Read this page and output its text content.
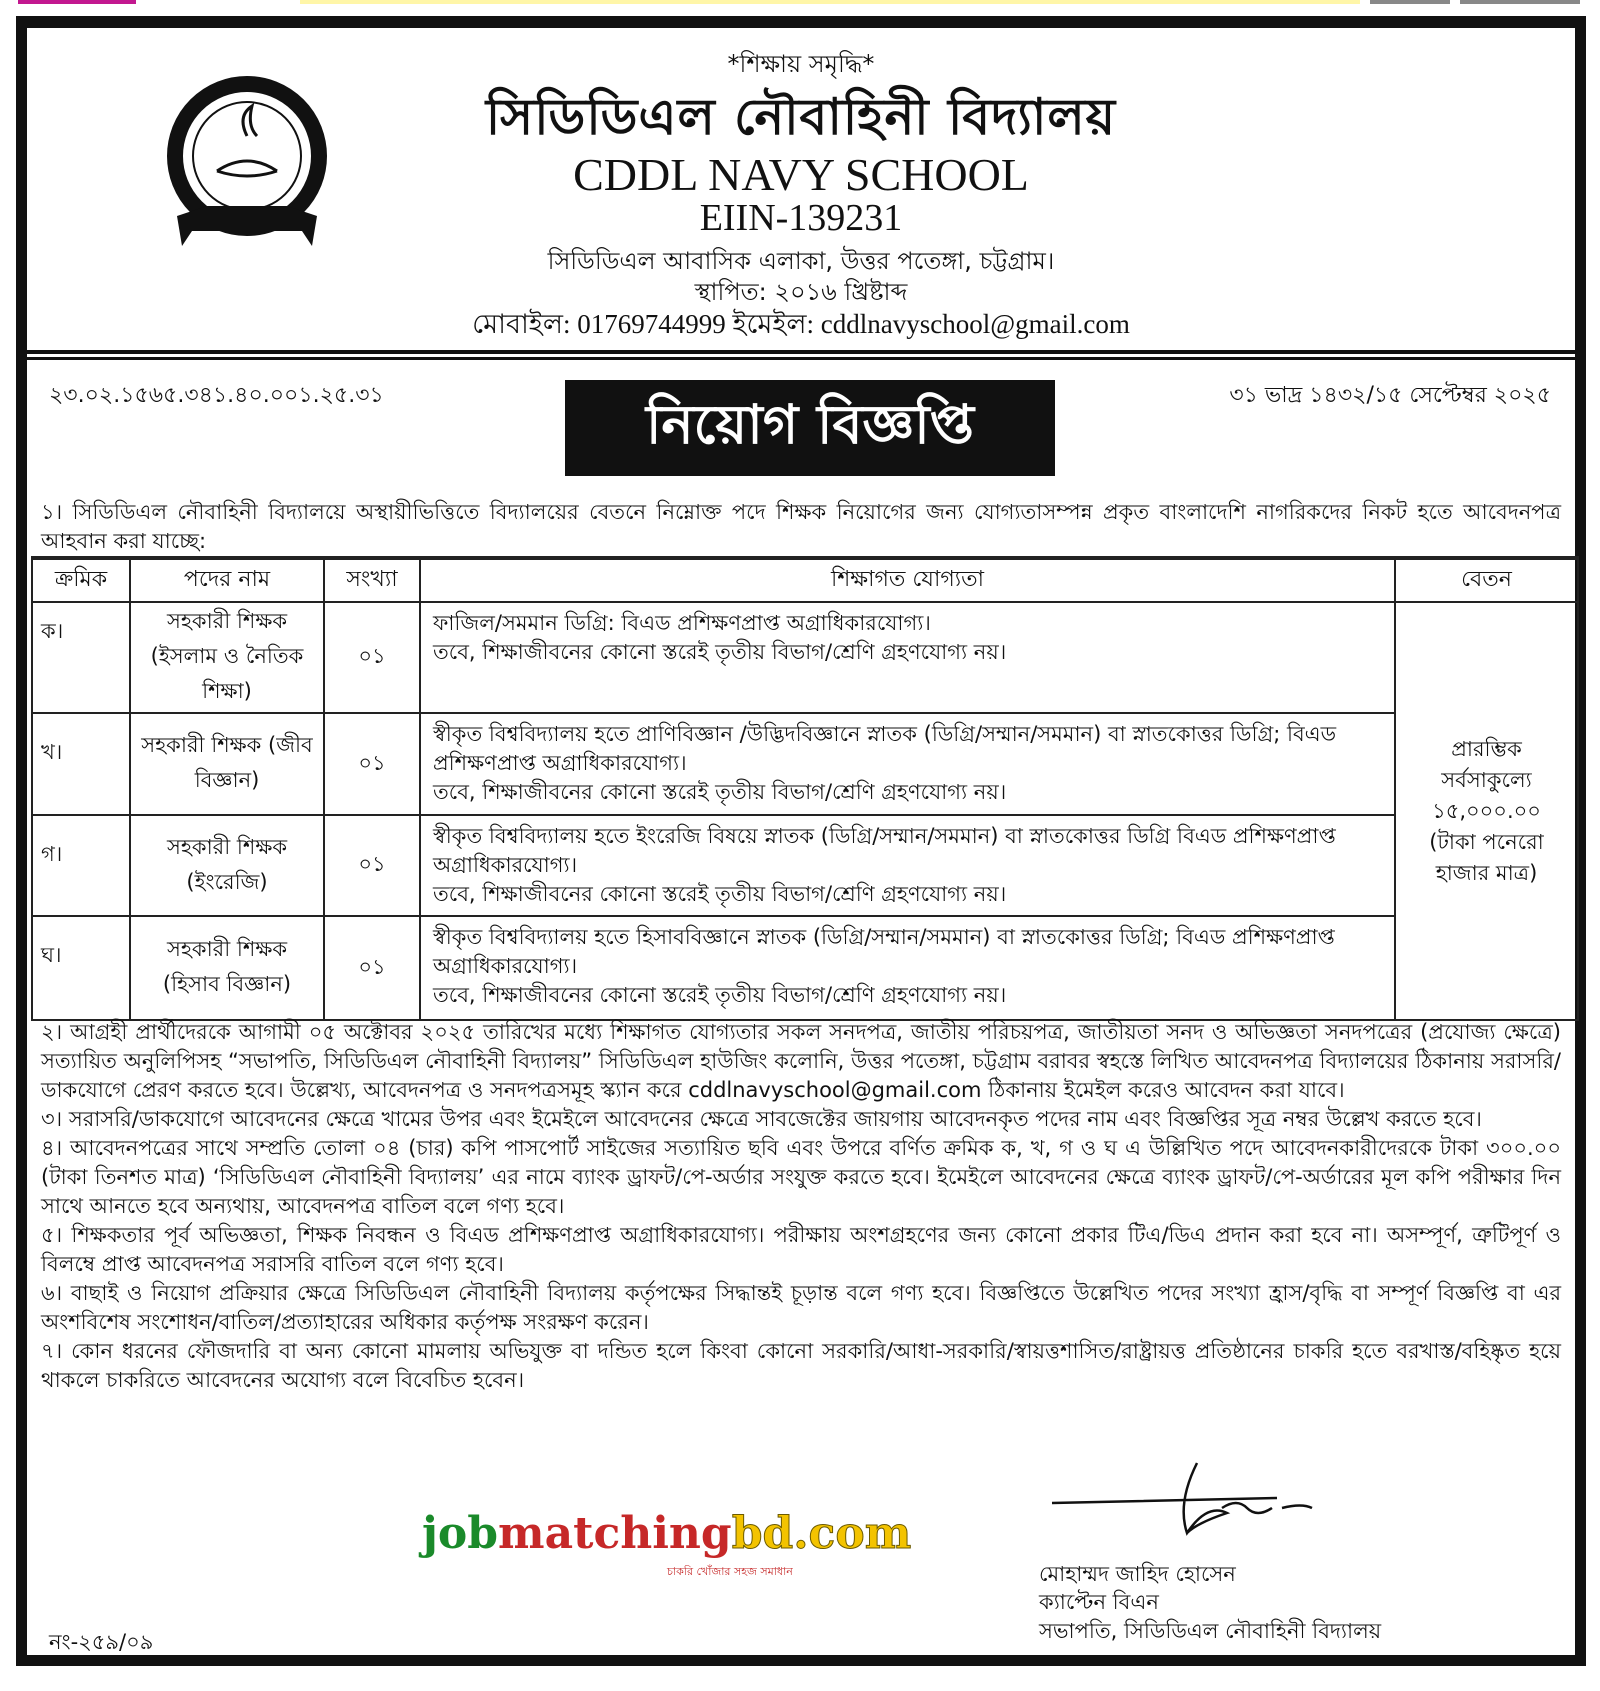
*শিক্ষায় সমৃদ্ধি*
সিডিডিএল নৌবাহিনী বিদ্যালয়
CDDL NAVY SCHOOL
EIIN-139231
সিডিডিএল আবাসিক এলাকা, উত্তর পতেঙ্গা, চট্টগ্রাম।
স্থাপিত: ২০১৬ খ্রিষ্টাব্দ
মোবাইল: 01769744999 ইমেইল: cddlnavyschool@gmail.com
২৩.০২.১৫৬৫.৩৪১.৪০.০০১.২৫.৩১	৩১ ভাদ্র ১৪৩২/১৫ সেপ্টেম্বর ২০২৫
নিয়োগ বিজ্ঞপ্তি
১। সিডিডিএল নৌবাহিনী বিদ্যালয়ে অস্থায়ীভিত্তিতে বিদ্যালয়ের বেতনে নিম্নোক্ত পদে শিক্ষক নিয়োগের জন্য যোগ্যতাসম্পন্ন প্রকৃত বাংলাদেশি নাগরিকদের নিকট হতে আবেদনপত্র আহবান করা যাচ্ছে:
ক্রমিক	পদের নাম	সংখ্যা	শিক্ষাগত যোগ্যতা	বেতন
ক।	সহকারী শিক্ষক (ইসলাম ও নৈতিক শিক্ষা)	০১	ফাজিল/সমমান ডিগ্রি: বিএড প্রশিক্ষণপ্রাপ্ত অগ্রাধিকারযোগ্য।
তবে, শিক্ষাজীবনের কোনো স্তরেই তৃতীয় বিভাগ/শ্রেণি গ্রহণযোগ্য নয়।	প্রারম্ভিক সর্বসাকুল্যে ১৫,০০০.০০ (টাকা পনেরো হাজার মাত্র)
খ।	সহকারী শিক্ষক (জীব বিজ্ঞান)	০১	স্বীকৃত বিশ্ববিদ্যালয় হতে প্রাণিবিজ্ঞান /উদ্ভিদবিজ্ঞানে স্নাতক (ডিগ্রি/সম্মান/সমমান) বা স্নাতকোত্তর ডিগ্রি; বিএড প্রশিক্ষণপ্রাপ্ত অগ্রাধিকারযোগ্য।
তবে, শিক্ষাজীবনের কোনো স্তরেই তৃতীয় বিভাগ/শ্রেণি গ্রহণযোগ্য নয়।	

গ।	সহকারী শিক্ষক (ইংরেজি)	০১	স্বীকৃত বিশ্ববিদ্যালয় হতে ইংরেজি বিষয়ে স্নাতক (ডিগ্রি/সম্মান/সমমান) বা স্নাতকোত্তর ডিগ্রি বিএড প্রশিক্ষণপ্রাপ্ত অগ্রাধিকারযোগ্য।
তবে, শিক্ষাজীবনের কোনো স্তরেই তৃতীয় বিভাগ/শ্রেণি গ্রহণযোগ্য নয়।	

ঘ।	সহকারী শিক্ষক (হিসাব বিজ্ঞান)	০১	স্বীকৃত বিশ্ববিদ্যালয় হতে হিসাববিজ্ঞানে স্নাতক (ডিগ্রি/সম্মান/সমমান) বা স্নাতকোত্তর ডিগ্রি; বিএড প্রশিক্ষণপ্রাপ্ত অগ্রাধিকারযোগ্য।
তবে, শিক্ষাজীবনের কোনো স্তরেই তৃতীয় বিভাগ/শ্রেণি গ্রহণযোগ্য নয়।	
২। আগ্রহী প্রার্থীদেরকে আগামী ০৫ অক্টোবর ২০২৫ তারিখের মধ্যে শিক্ষাগত যোগ্যতার সকল সনদপত্র, জাতীয় পরিচয়পত্র, জাতীয়তা সনদ ও অভিজ্ঞতা সনদপত্রের (প্রযোজ্য ক্ষেত্রে) সত্যায়িত অনুলিপিসহ “সভাপতি, সিডিডিএল নৌবাহিনী বিদ্যালয়” সিডিডিএল হাউজিং কলোনি, উত্তর পতেঙ্গা, চট্টগ্রাম বরাবর স্বহস্তে লিখিত আবেদনপত্র বিদ্যালয়ের ঠিকানায় সরাসরি/ডাকযোগে প্রেরণ করতে হবে। উল্লেখ্য, আবেদনপত্র ও সনদপত্রসমূহ স্ক্যান করে cddlnavyschool@gmail.com ঠিকানায় ইমেইল করেও আবেদন করা যাবে।
৩। সরাসরি/ডাকযোগে আবেদনের ক্ষেত্রে খামের উপর এবং ইমেইলে আবেদনের ক্ষেত্রে সাবজেক্টের জায়গায় আবেদনকৃত পদের নাম এবং বিজ্ঞপ্তির সূত্র নম্বর উল্লেখ করতে হবে।
৪। আবেদনপত্রের সাথে সম্প্রতি তোলা ০৪ (চার) কপি পাসপোর্ট সাইজের সত্যায়িত ছবি এবং উপরে বর্ণিত ক্রমিক ক, খ, গ ও ঘ এ উল্লিখিত পদে আবেদনকারীদেরকে টাকা ৩০০.০০ (টাকা তিনশত মাত্র) ‘সিডিডিএল নৌবাহিনী বিদ্যালয়’ এর নামে ব্যাংক ড্রাফট/পে-অর্ডার সংযুক্ত করতে হবে। ইমেইলে আবেদনের ক্ষেত্রে ব্যাংক ড্রাফট/পে-অর্ডারের মূল কপি পরীক্ষার দিন সাথে আনতে হবে অন্যথায়, আবেদনপত্র বাতিল বলে গণ্য হবে।
৫। শিক্ষকতার পূর্ব অভিজ্ঞতা, শিক্ষক নিবন্ধন ও বিএড প্রশিক্ষণপ্রাপ্ত অগ্রাধিকারযোগ্য। পরীক্ষায় অংশগ্রহণের জন্য কোনো প্রকার টিএ/ডিএ প্রদান করা হবে না। অসম্পূর্ণ, ত্রুটিপূর্ণ ও বিলম্বে প্রাপ্ত আবেদনপত্র সরাসরি বাতিল বলে গণ্য হবে।
৬। বাছাই ও নিয়োগ প্রক্রিয়ার ক্ষেত্রে সিডিডিএল নৌবাহিনী বিদ্যালয় কর্তৃপক্ষের সিদ্ধান্তই চূড়ান্ত বলে গণ্য হবে। বিজ্ঞপ্তিতে উল্লেখিত পদের সংখ্যা হ্রাস/বৃদ্ধি বা সম্পূর্ণ বিজ্ঞপ্তি বা এর অংশবিশেষ সংশোধন/বাতিল/প্রত্যাহারের অধিকার কর্তৃপক্ষ সংরক্ষণ করেন।
৭। কোন ধরনের ফৌজদারি বা অন্য কোনো মামলায় অভিযুক্ত বা দন্ডিত হলে কিংবা কোনো সরকারি/আধা-সরকারি/স্বায়ত্তশাসিত/রাষ্ট্রায়ত্ত প্রতিষ্ঠানের চাকরি হতে বরখাস্ত/বহিষ্কৃত হয়ে থাকলে চাকরিতে আবেদনের অযোগ্য বলে বিবেচিত হবেন।
jobmatchingbd.com
চাকরি খোঁজার সহজ সমাধান	মোহাম্মদ জাহিদ হোসেন
ক্যাপ্টেন বিএন
সভাপতি, সিডিডিএল নৌবাহিনী বিদ্যালয়
নং-২৫৯/০৯
